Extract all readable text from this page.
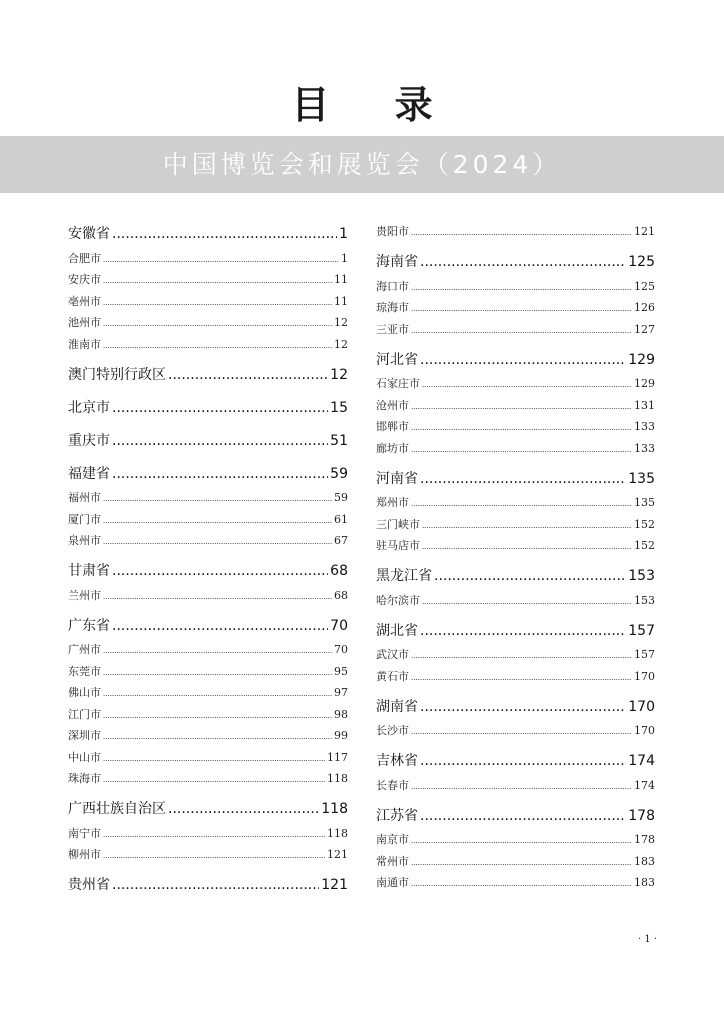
目 录
中国博览会和展览会（2024）
安徽省 .....	1
合肥市 .....	1
安庆市 .....	11
亳州市 .....	11
池州市 .....	12
淮南市 .....	12
澳门特别行政区 .....	12
北京市 .....	15
重庆市 .....	51
福建省 .....	59
福州市 .....	59
厦门市 .....	61
泉州市 .....	67
甘肃省 .....	68
兰州市 .....	68
广东省 .....	70
广州市 .....	70
东莞市 .....	95
佛山市 .....	97
江门市 .....	98
深圳市 .....	99
中山市 .....	117
珠海市 .....	118
广西壮族自治区 .....	118
南宁市 .....	118
柳州市 .....	121
贵州省 .....	121
贵阳市 .....	121
海南省 .....	125
海口市 .....	125
琼海市 .....	126
三亚市 .....	127
河北省 .....	129
石家庄市 .....	129
沧州市 .....	131
邯郸市 .....	133
廊坊市 .....	133
河南省 .....	135
郑州市 .....	135
三门峡市 .....	152
驻马店市 .....	152
黑龙江省 .....	153
哈尔滨市 .....	153
湖北省 .....	157
武汉市 .....	157
黄石市 .....	170
湖南省 .....	170
长沙市 .....	170
吉林省 .....	174
长春市 .....	174
江苏省 .....	178
南京市 .....	178
常州市 .....	183
南通市 .....	183
· 1 ·
